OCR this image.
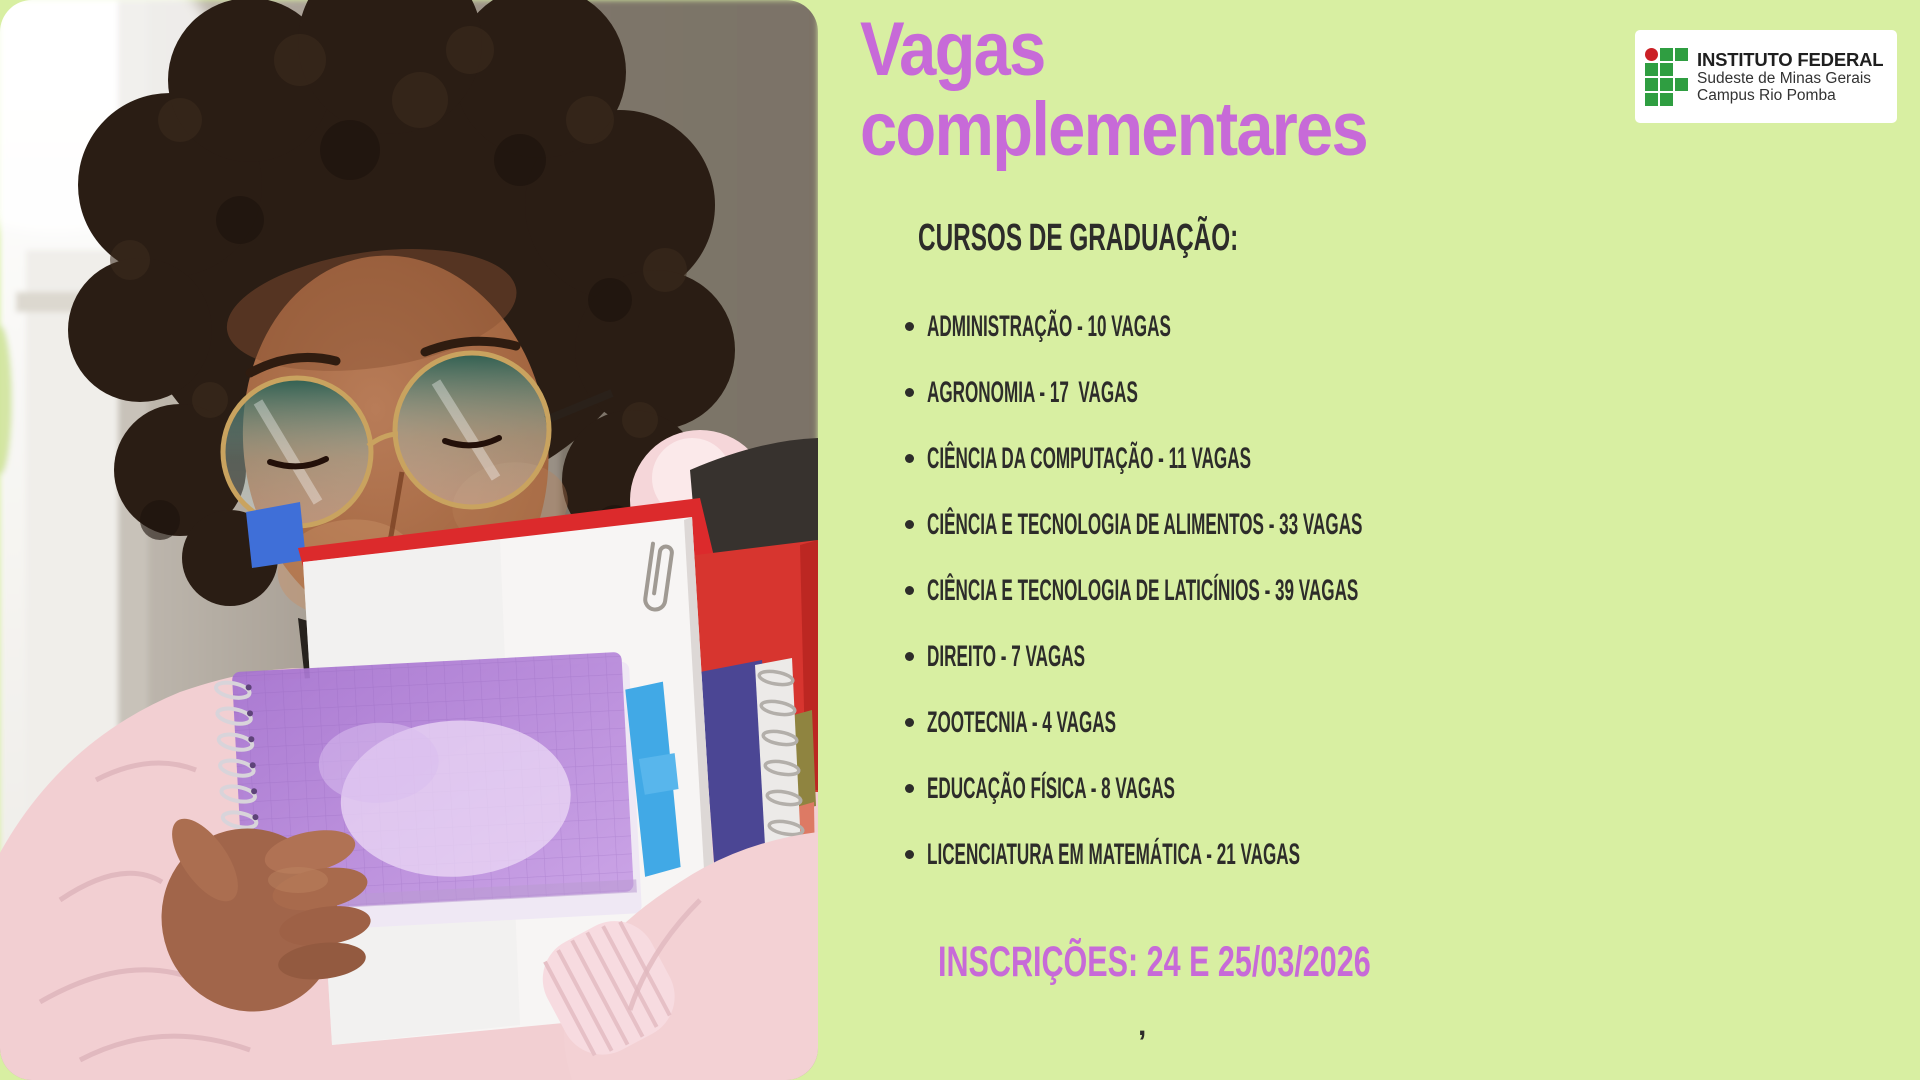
Vagas complementares
INSTITUTO FEDERAL
Sudeste de Minas Gerais
Campus Rio Pomba
CURSOS DE GRADUAÇÃO:
ADMINISTRAÇÃO - 10 VAGAS
AGRONOMIA - 17  VAGAS
CIÊNCIA DA COMPUTAÇÃO - 11 VAGAS
CIÊNCIA E TECNOLOGIA DE ALIMENTOS - 33 VAGAS
CIÊNCIA E TECNOLOGIA DE LATICÍNIOS - 39 VAGAS
DIREITO - 7 VAGAS
ZOOTECNIA - 4 VAGAS
EDUCAÇÃO FÍSICA - 8 VAGAS
LICENCIATURA EM MATEMÁTICA - 21 VAGAS
INSCRIÇÕES: 24 E 25/03/2026
,
